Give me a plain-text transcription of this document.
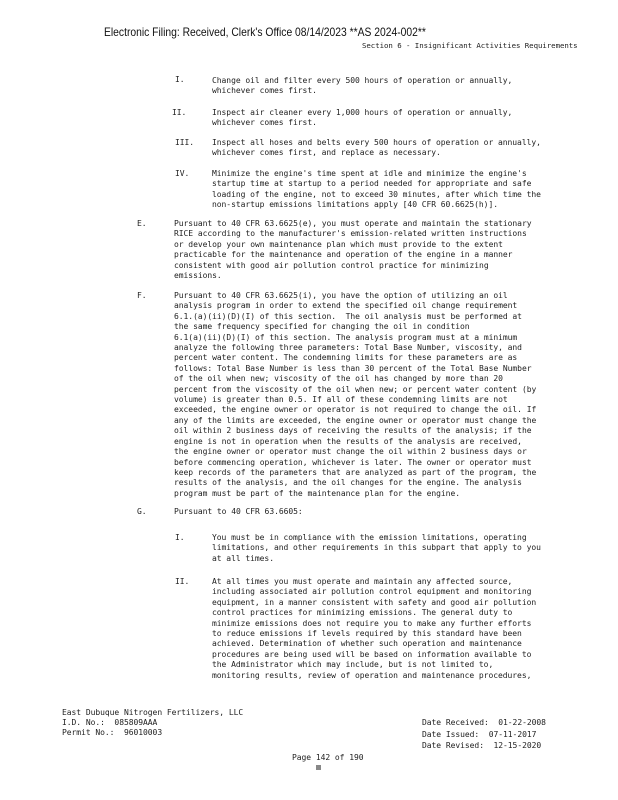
Electronic Filing: Received, Clerk's Office 08/14/2023 **AS 2024-002**
Section 6 - Insignificant Activities Requirements
I.	Change oil and filter every 500 hours of operation or annually,
whichever comes first.
II.	Inspect air cleaner every 1,000 hours of operation or annually,
whichever comes first.
III. Inspect all hoses and belts every 500 hours of operation or annually,
whichever comes first, and replace as necessary.
IV.	Minimize the engine's time spent at idle and minimize the engine's
startup time at startup to a period needed for appropriate and safe
loading of the engine, not to exceed 30 minutes, after which time the
non-startup emissions limitations apply [40 CFR 60.6625(h)].
E.	Pursuant to 40 CFR 63.6625(e), you must operate and maintain the stationary
RICE according to the manufacturer's emission-related written instructions
or develop your own maintenance plan which must provide to the extent
practicable for the maintenance and operation of the engine in a manner
consistent with good air pollution control practice for minimizing
emissions.
F.	Pursuant to 40 CFR 63.6625(i), you have the option of utilizing an oil
analysis program in order to extend the specified oil change requirement
6.1.(a)(ii)(D)(I) of this section.  The oil analysis must be performed at
the same frequency specified for changing the oil in condition
6.1(a)(ii)(D)(I) of this section. The analysis program must at a minimum
analyze the following three parameters: Total Base Number, viscosity, and
percent water content. The condemning limits for these parameters are as
follows: Total Base Number is less than 30 percent of the Total Base Number
of the oil when new; viscosity of the oil has changed by more than 20
percent from the viscosity of the oil when new; or percent water content (by
volume) is greater than 0.5. If all of these condemning limits are not
exceeded, the engine owner or operator is not required to change the oil. If
any of the limits are exceeded, the engine owner or operator must change the
oil within 2 business days of receiving the results of the analysis; if the
engine is not in operation when the results of the analysis are received,
the engine owner or operator must change the oil within 2 business days or
before commencing operation, whichever is later. The owner or operator must
keep records of the parameters that are analyzed as part of the program, the
results of the analysis, and the oil changes for the engine. The analysis
program must be part of the maintenance plan for the engine.
G.	Pursuant to 40 CFR 63.6605:
I.	You must be in compliance with the emission limitations, operating
limitations, and other requirements in this subpart that apply to you
at all times.
II.	At all times you must operate and maintain any affected source,
including associated air pollution control equipment and monitoring
equipment, in a manner consistent with safety and good air pollution
control practices for minimizing emissions. The general duty to
minimize emissions does not require you to make any further efforts
to reduce emissions if levels required by this standard have been
achieved. Determination of whether such operation and maintenance
procedures are being used will be based on information available to
the Administrator which may include, but is not limited to,
monitoring results, review of operation and maintenance procedures,
East Dubuque Nitrogen Fertilizers, LLC
I.D. No.:  085809AAA
Permit No.:  96010003
Date Received:  01-22-2008
Date Issued:  07-11-2017
Date Revised:  12-15-2020
Page 142 of 190
